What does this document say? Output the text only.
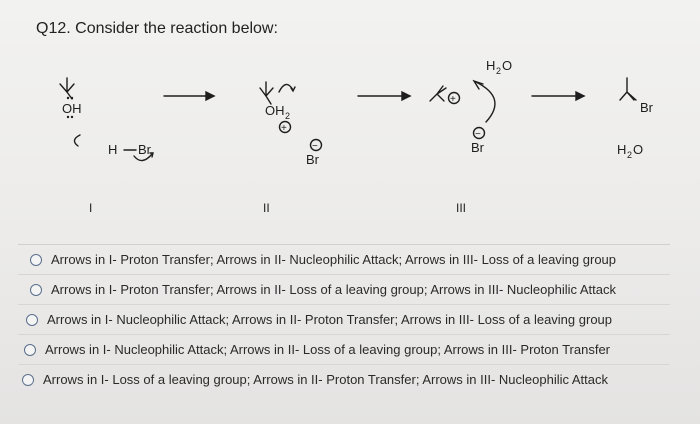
Q12. Consider the reaction below:
OH
H Br
OH 2
+
−
Br
+
H 2 O
−
Br
Br
H 2 O
I	II	III
Arrows in I- Proton Transfer; Arrows in II- Nucleophilic Attack; Arrows in III- Loss of a leaving group
Arrows in I- Proton Transfer; Arrows in II- Loss of a leaving group; Arrows in III- Nucleophilic Attack
Arrows in I- Nucleophilic Attack; Arrows in II- Proton Transfer; Arrows in III- Loss of a leaving group
Arrows in I- Nucleophilic Attack; Arrows in II- Loss of a leaving group; Arrows in III- Proton Transfer
Arrows in I- Loss of a leaving group; Arrows in II- Proton Transfer; Arrows in III- Nucleophilic Attack
